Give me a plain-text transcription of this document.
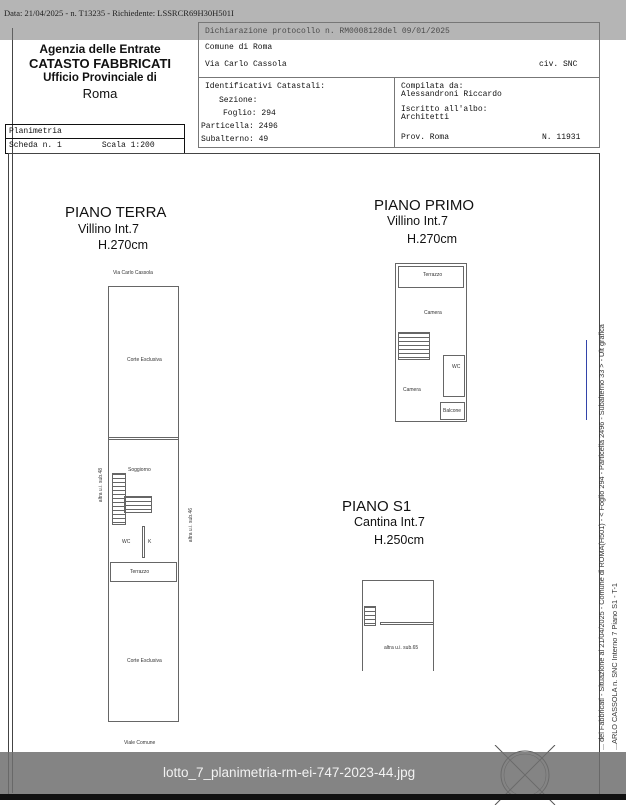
Data: 21/04/2025 - n. T13235 - Richiedente: LSSRCR69H30H501I
Agenzia delle Entrate
CATASTO FABBRICATI
Ufficio Provinciale di
Roma
Planimetria
Scheda n. 1	Scala 1:200
Comune di Roma
Via Carlo Cassola	civ. SNC
Identificativi Catastali:
Sezione:
Foglio: 294
Particella: 2496
Subalterno: 49
Compilata da:
Alessandroni Riccardo
Iscritto all'albo:
Architetti
Prov. Roma	N. 11931
PIANO TERRA
Villino Int.7
H.270cm
Via Carlo Cassola
Corte Esclusiva
Soggiorno
WC	K
altra u.i. sub.48
altra u.i. sub.46
Terrazzo
Corte Esclusiva
Viale Comune
PIANO PRIMO
Villino Int.7
H.270cm
Terrazzo
Camera
WC
Camera
Balcone
PIANO S1
Cantina Int.7
H.250cm
altra u.i. sub.65	... dei Fabbricati - Situazione al 21/04/2025 - Comune di ROMA(H501) - < Foglio 294 - Particella 2496 - Subalterno 33 > - Ult grafica ...ARLO CASSOLA n. SNC Interno 7 Piano S1 - T-1
lotto_7_planimetria-rm-ei-747-2023-44.jpg
